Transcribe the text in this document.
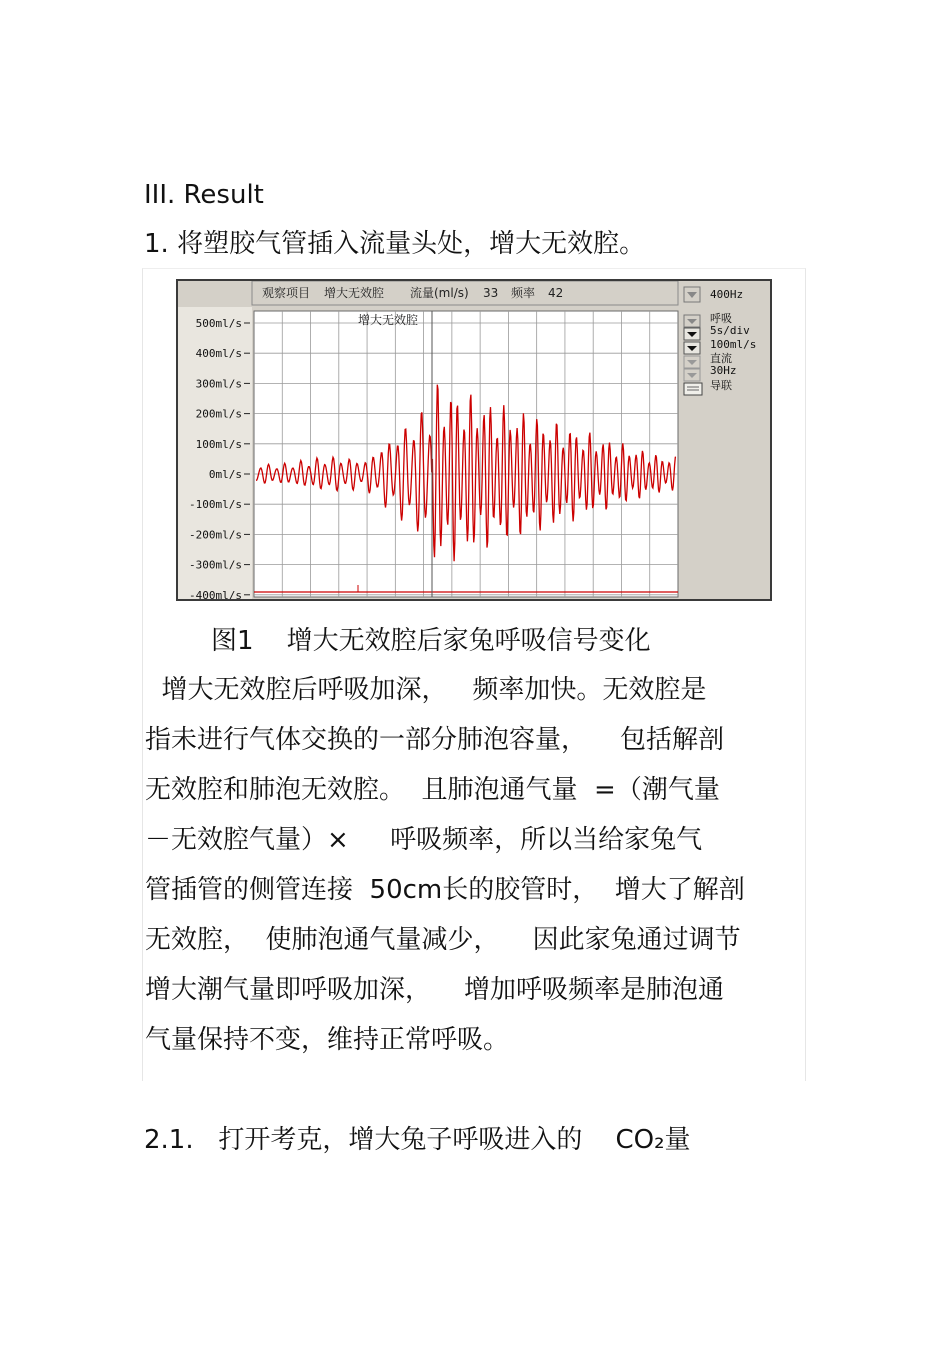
III. Result
1. 将塑胶气管插入流量头处，增大无效腔。
观察项目 增大无效腔 流量(ml/s) 33 频率 42
500ml/s
400ml/s
300ml/s
200ml/s
100ml/s
0ml/s
-100ml/s
-200ml/s
-300ml/s
-400ml/s
增大无效腔
400Hz
呼吸
5s/div
100ml/s
直流
30Hz
导联
图1 增大无效腔后家兔呼吸信号变化
增大无效腔后呼吸加深，   频率加快。无效腔是
指未进行气体交换的一部分肺泡容量，    包括解剖
无效腔和肺泡无效腔。  且肺泡通气量  =（潮气量
－无效腔气量）×     呼吸频率，所以当给家兔气
管插管的侧管连接  50cm长的胶管时，  增大了解剖
无效腔，  使肺泡通气量减少，    因此家兔通过调节
增大潮气量即呼吸加深，    增加呼吸频率是肺泡通
气量保持不变，维持正常呼吸。
2.1.   打开考克，增大兔子呼吸进入的    CO₂量
